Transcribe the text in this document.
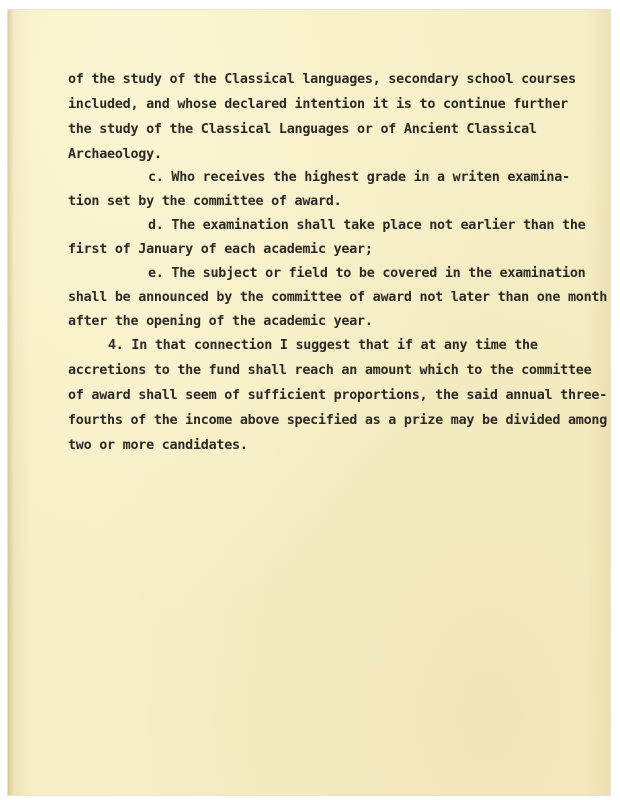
of the study of the Classical languages, secondary school courses

included, and whose declared intention it is to continue further

the study of the Classical Languages or of Ancient Classical

Archaeology.

c. Who receives the highest grade in a writen examina-

tion set by the committee of award.

d. The examination shall take place not earlier than the

first of January of each academic year;

e. The subject or field to be covered in the examination

shall be announced by the committee of award not later than one month

after the opening of the academic year.

4. In that connection I suggest that if at any time the

accretions to the fund shall reach an amount which to the committee

of award shall seem of sufficient proportions, the said annual three-

fourths of the income above specified as a prize may be divided among

two or more candidates.
